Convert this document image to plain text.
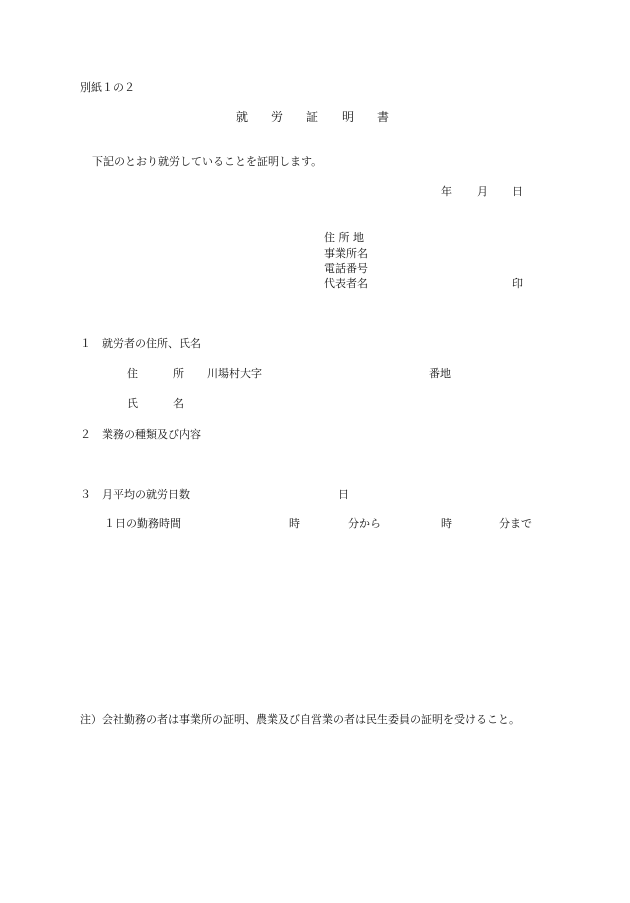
別紙１の２
就 労 証 明 書
下記のとおり就労していることを証明します。
年 月 日
住 所 地
事業所名
電話番号
代表者名	印
１　就労者の住所、氏名
住	所 川場村大字	番地
氏	名
２　業務の種類及び内容
３　月平均の就労日数	日
１日の勤務時間	時	分から	時	分まで
注）会社勤務の者は事業所の証明、農業及び自営業の者は民生委員の証明を受けること。
